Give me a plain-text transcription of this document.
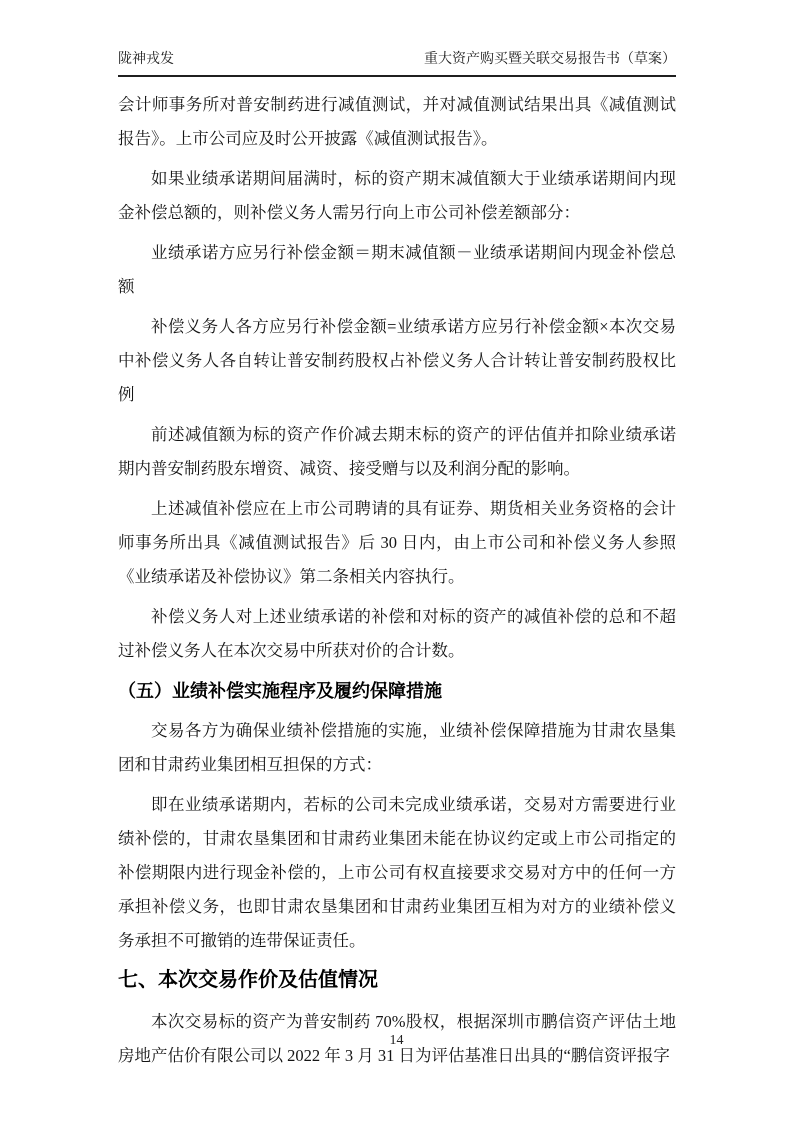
陇神戎发	重大资产购买暨关联交易报告书（草案）

会计师事务所对普安制药进行减值测试，并对减值测试结果出具《减值测试报告》。上市公司应及时公开披露《减值测试报告》。

如果业绩承诺期间届满时，标的资产期末减值额大于业绩承诺期间内现金补偿总额的，则补偿义务人需另行向上市公司补偿差额部分：

业绩承诺方应另行补偿金额＝期末减值额－业绩承诺期间内现金补偿总额

补偿义务人各方应另行补偿金额=业绩承诺方应另行补偿金额×本次交易中补偿义务人各自转让普安制药股权占补偿义务人合计转让普安制药股权比例

前述减值额为标的资产作价减去期末标的资产的评估值并扣除业绩承诺期内普安制药股东增资、减资、接受赠与以及利润分配的影响。

上述减值补偿应在上市公司聘请的具有证券、期货相关业务资格的会计师事务所出具《减值测试报告》后 30 日内，由上市公司和补偿义务人参照《业绩承诺及补偿协议》第二条相关内容执行。

补偿义务人对上述业绩承诺的补偿和对标的资产的减值补偿的总和不超过补偿义务人在本次交易中所获对价的合计数。

（五）业绩补偿实施程序及履约保障措施

交易各方为确保业绩补偿措施的实施，业绩补偿保障措施为甘肃农垦集团和甘肃药业集团相互担保的方式：

即在业绩承诺期内，若标的公司未完成业绩承诺，交易对方需要进行业绩补偿的，甘肃农垦集团和甘肃药业集团未能在协议约定或上市公司指定的补偿期限内进行现金补偿的，上市公司有权直接要求交易对方中的任何一方承担补偿义务，也即甘肃农垦集团和甘肃药业集团互相为对方的业绩补偿义务承担不可撤销的连带保证责任。

七、本次交易作价及估值情况

本次交易标的资产为普安制药 70%股权，根据深圳市鹏信资产评估土地房地产估价有限公司以 2022 年 3 月 31 日为评估基准日出具的“鹏信资评报字

14
